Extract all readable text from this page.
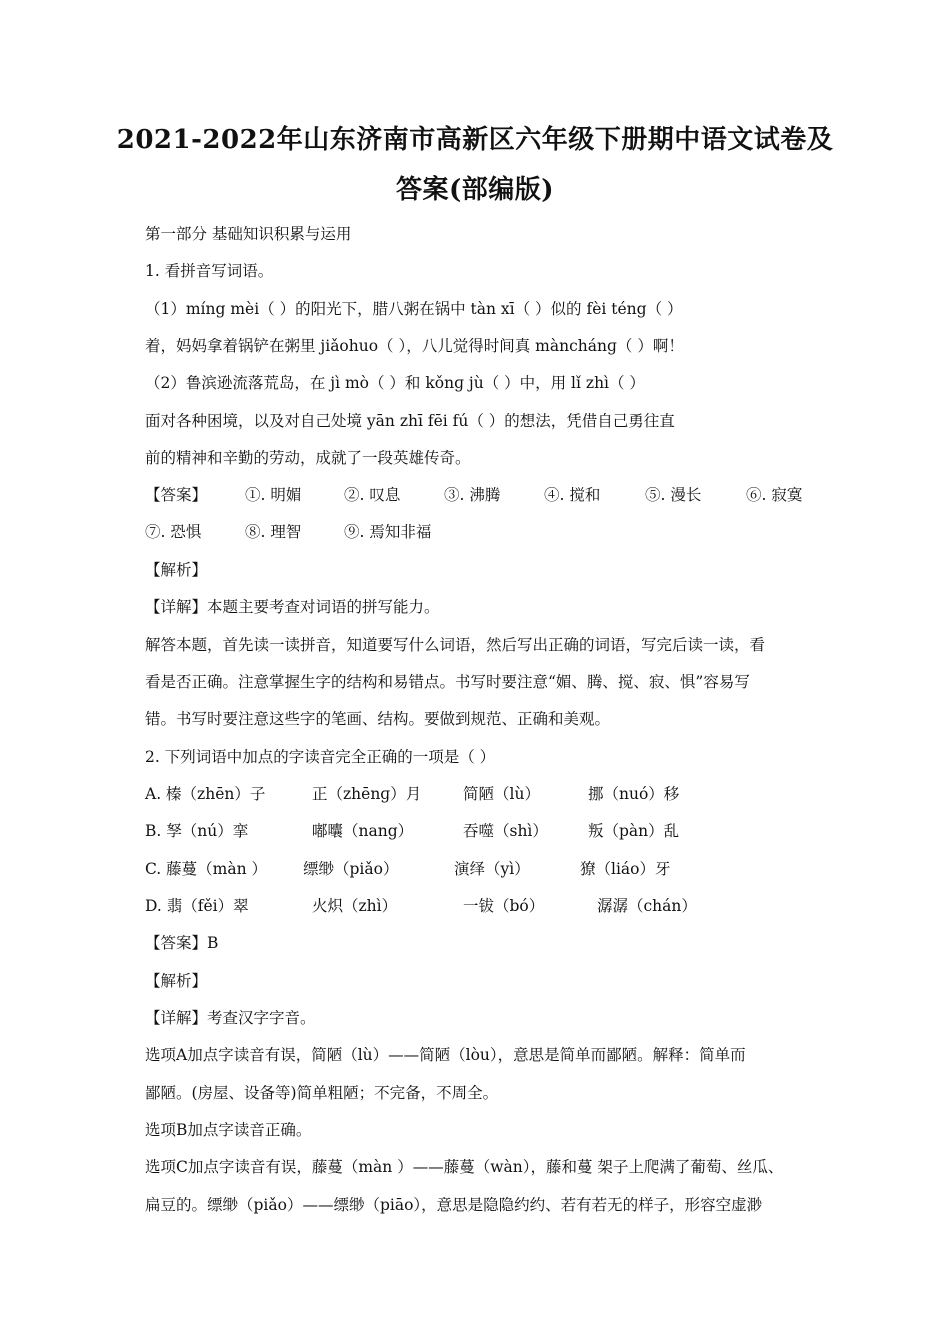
2021-2022年山东济南市高新区六年级下册期中语文试卷及
答案(部编版)
第一部分 基础知识积累与运用
1. 看拼音写词语。
（1）míng mèi（ ）的阳光下，腊八粥在锅中 tàn xī（ ）似的 fèi téng（ ）
着，妈妈拿着锅铲在粥里 jiǎohuo（ ），八儿觉得时间真 mànchánɡ（ ）啊！
（2）鲁滨逊流落荒岛，在 jì mò（ ）和 kǒnɡ jù（ ）中，用 lǐ zhì（ ）
面对各种困境，以及对自己处境 yān zhī fēi fú（ ）的想法，凭借自己勇往直
前的精神和辛勤的劳动，成就了一段英雄传奇。
【答案】 ①. 明媚	②. 叹息	③. 沸腾	④. 搅和	⑤. 漫长	⑥. 寂寞
⑦. 恐惧	⑧. 理智	⑨. 焉知非福
【解析】
【详解】本题主要考查对词语的拼写能力。
解答本题，首先读一读拼音，知道要写什么词语，然后写出正确的词语，写完后读一读，看
看是否正确。注意掌握生字的结构和易错点。书写时要注意“媚、腾、搅、寂、惧”容易写
错。书写时要注意这些字的笔画、结构。要做到规范、正确和美观。
2. 下列词语中加点的字读音完全正确的一项是（ ）
A. 榛（zhēn）子	正（zhēnɡ）月	简陋（lù）	挪（nuó）移
B. 孥（nú）挛	嘟囔（nang）	吞噬（shì）	叛（pàn）乱
C. 藤蔓（màn ） 缥缈（piǎo）	演绎（yì）	獠（liáo）牙
D. 翡（fěi）翠	火炽（zhì）	一钹（bó）	潺潺（chán）
【答案】B
【解析】
【详解】考查汉字字音。
选项A加点字读音有误，简陋（lù）——简陋（lòu），意思是简单而鄙陋。解释：简单而
鄙陋。(房屋、设备等)简单粗陋；不完备，不周全。
选项B加点字读音正确。
选项C加点字读音有误，藤蔓（màn ）——藤蔓（wàn），藤和蔓 架子上爬满了葡萄、丝瓜、
扁豆的。缥缈（piǎo）——缥缈（piāo），意思是隐隐约约、若有若无的样子，形容空虚渺
